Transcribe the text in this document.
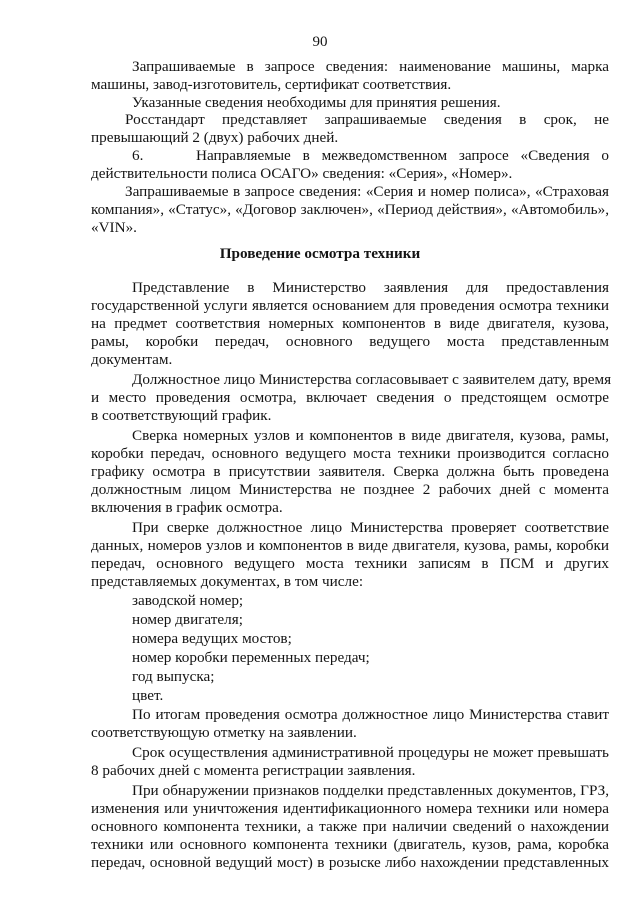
90

Запрашиваемые в запросе сведения: наименование машины, марка

машины, завод-изготовитель, сертификат соответствия.

Указанные сведения необходимы для принятия решения.

Росстандарт представляет запрашиваемые сведения в срок, не

превышающий 2 (двух) рабочих дней.

6.	Направляемые в межведомственном запросе «Сведения о

действительности полиса ОСАГО» сведения: «Серия», «Номер».

Запрашиваемые в запросе сведения: «Серия и номер полиса», «Страховая

компания», «Статус», «Договор заключен», «Период действия», «Автомобиль»,

«VIN».

Проведение осмотра техники

Представление в Министерство заявления для предоставления

государственной услуги является основанием для проведения осмотра техники

на предмет соответствия номерных компонентов в виде двигателя, кузова,

рамы, коробки передач, основного ведущего моста представленным

документам.

Должностное лицо Министерства согласовывает с заявителем дату, время

и место проведения осмотра, включает сведения о предстоящем осмотре

в соответствующий график.

Сверка номерных узлов и компонентов в виде двигателя, кузова, рамы,

коробки передач, основного ведущего моста техники производится согласно

графику осмотра в присутствии заявителя. Сверка должна быть проведена

должностным лицом Министерства не позднее 2 рабочих дней с момента

включения в график осмотра.

При сверке должностное лицо Министерства проверяет соответствие

данных, номеров узлов и компонентов в виде двигателя, кузова, рамы, коробки

передач, основного ведущего моста техники записям в ПСМ и других

представляемых документах, в том числе:

заводской номер;

номер двигателя;

номера ведущих мостов;

номер коробки переменных передач;

год выпуска;

цвет.

По итогам проведения осмотра должностное лицо Министерства ставит

соответствующую отметку на заявлении.

Срок осуществления административной процедуры не может превышать

8 рабочих дней с момента регистрации заявления.

При обнаружении признаков подделки представленных документов, ГРЗ,

изменения или уничтожения идентификационного номера техники или номера

основного компонента техники, а также при наличии сведений о нахождении

техники или основного компонента техники (двигатель, кузов, рама, коробка

передач, основной ведущий мост) в розыске либо нахождении представленных
